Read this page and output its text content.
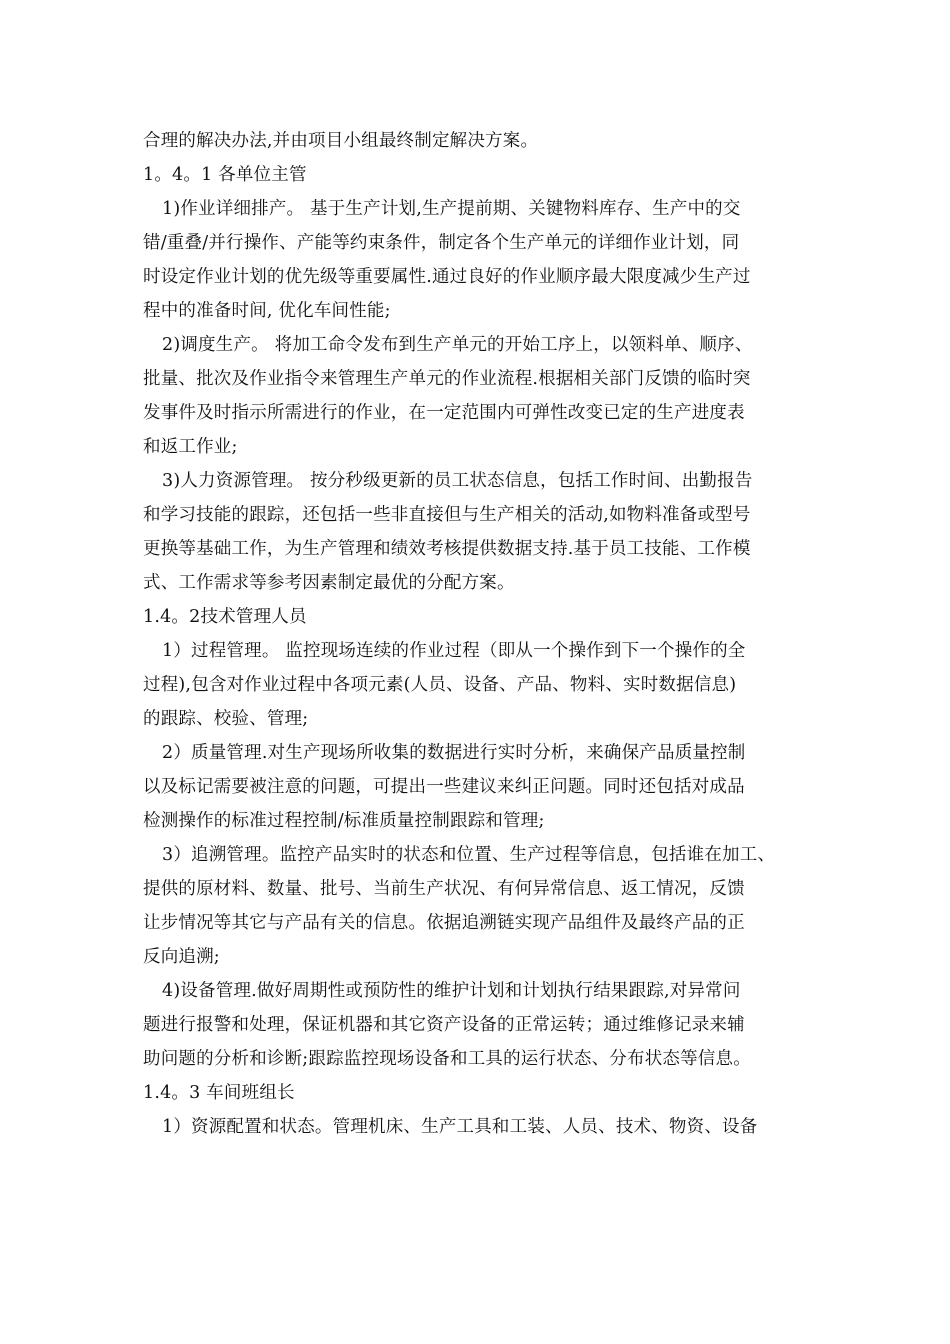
合理的解决办法,并由项目小组最终制定解决方案。
1。4。1 各单位主管
1)作业详细排产。 基于生产计划,生产提前期、关键物料库存、生产中的交
错/重叠/并行操作、产能等约束条件，制定各个生产单元的详细作业计划，同
时设定作业计划的优先级等重要属性.通过良好的作业顺序最大限度减少生产过
程中的准备时间, 优化车间性能;
2)调度生产。 将加工命令发布到生产单元的开始工序上，以领料单、顺序、
批量、批次及作业指令来管理生产单元的作业流程.根据相关部门反馈的临时突
发事件及时指示所需进行的作业，在一定范围内可弹性改变已定的生产进度表
和返工作业;
3)人力资源管理。 按分秒级更新的员工状态信息，包括工作时间、出勤报告
和学习技能的跟踪，还包括一些非直接但与生产相关的活动,如物料准备或型号
更换等基础工作，为生产管理和绩效考核提供数据支持.基于员工技能、工作模
式、工作需求等参考因素制定最优的分配方案。
1.4。2技术管理人员
1）过程管理。 监控现场连续的作业过程（即从一个操作到下一个操作的全
过程),包含对作业过程中各项元素(人员、设备、产品、物料、实时数据信息)
的跟踪、校验、管理;
2）质量管理.对生产现场所收集的数据进行实时分析，来确保产品质量控制
以及标记需要被注意的问题，可提出一些建议来纠正问题。同时还包括对成品
检测操作的标准过程控制/标准质量控制跟踪和管理;
3）追溯管理。监控产品实时的状态和位置、生产过程等信息，包括谁在加工、
提供的原材料、数量、批号、当前生产状况、有何异常信息、返工情况，反馈
让步情况等其它与产品有关的信息。依据追溯链实现产品组件及最终产品的正
反向追溯;
4)设备管理.做好周期性或预防性的维护计划和计划执行结果跟踪,对异常问
题进行报警和处理，保证机器和其它资产设备的正常运转；通过维修记录来辅
助问题的分析和诊断;跟踪监控现场设备和工具的运行状态、分布状态等信息。
1.4。3 车间班组长
1）资源配置和状态。管理机床、生产工具和工装、人员、技术、物资、设备
